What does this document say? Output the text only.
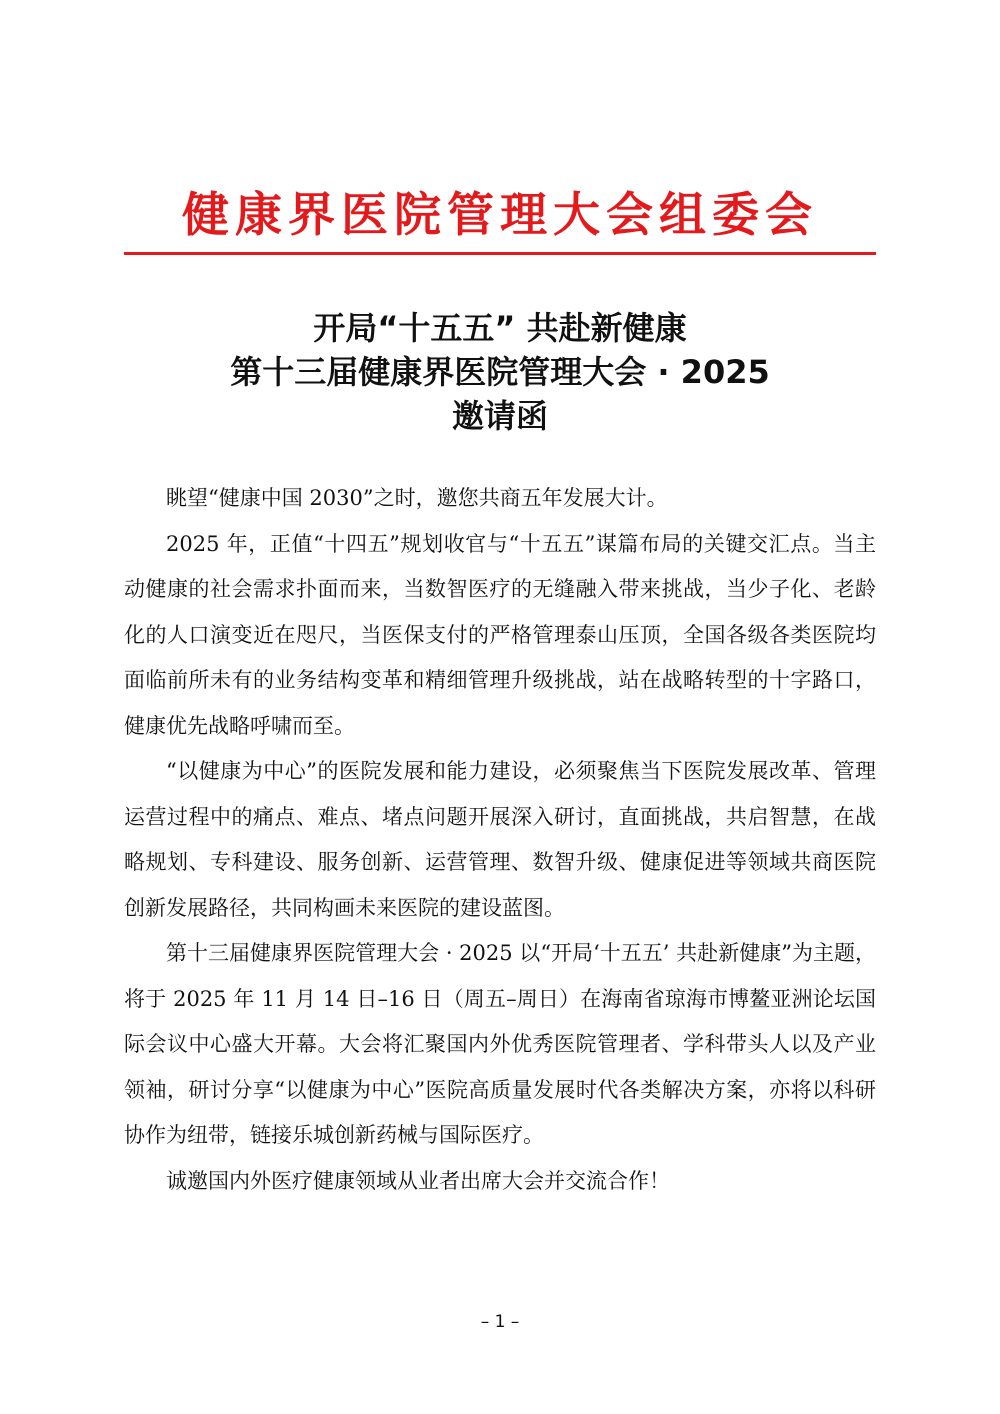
健康界医院管理大会组委会
开局“十五五” 共赴新健康
第十三届健康界医院管理大会 · 2025
邀请函

眺望“健康中国 2030”之时，邀您共商五年发展大计。

2025 年，正值“十四五”规划收官与“十五五”谋篇布局的关键交汇点。当主动健康的社会需求扑面而来，当数智医疗的无缝融入带来挑战，当少子化、老龄化的人口演变近在咫尺，当医保支付的严格管理泰山压顶，全国各级各类医院均面临前所未有的业务结构变革和精细管理升级挑战，站在战略转型的十字路口，健康优先战略呼啸而至。

“以健康为中心”的医院发展和能力建设，必须聚焦当下医院发展改革、管理运营过程中的痛点、难点、堵点问题开展深入研讨，直面挑战，共启智慧，在战略规划、专科建设、服务创新、运营管理、数智升级、健康促进等领域共商医院创新发展路径，共同构画未来医院的建设蓝图。

第十三届健康界医院管理大会 · 2025 以“开局‘十五五’ 共赴新健康”为主题，将于 2025 年 11 月 14 日–16 日（周五–周日）在海南省琼海市博鳌亚洲论坛国际会议中心盛大开幕。大会将汇聚国内外优秀医院管理者、学科带头人以及产业领袖，研讨分享“以健康为中心”医院高质量发展时代各类解决方案，亦将以科研协作为纽带，链接乐城创新药械与国际医疗。

诚邀国内外医疗健康领域从业者出席大会并交流合作！

– 1 –
